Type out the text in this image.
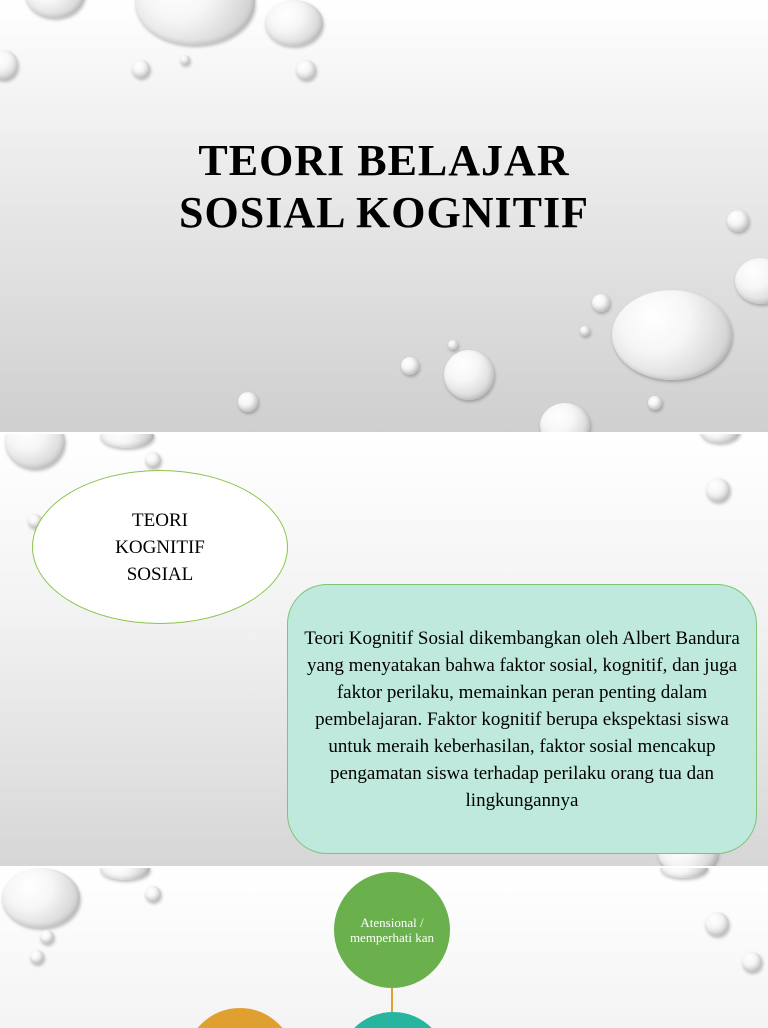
TEORI BELAJAR
SOSIAL KOGNITIF
TEORI KOGNITIF SOSIAL
Teori Kognitif Sosial dikembangkan oleh Albert Bandura yang menyatakan bahwa faktor sosial, kognitif, dan juga faktor perilaku, memainkan peran penting dalam pembelajaran. Faktor kognitif berupa ekspektasi siswa untuk meraih keberhasilan, faktor sosial mencakup pengamatan siswa terhadap perilaku orang tua dan lingkungannya
Atensional / memperhati kan
